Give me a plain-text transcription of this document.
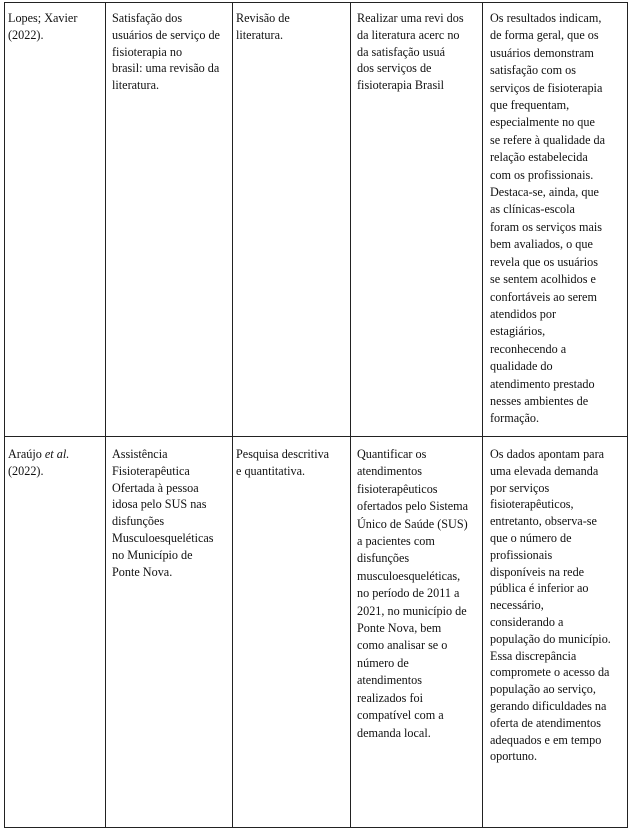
Lopes; Xavier
(2022).
Satisfação dos
usuários de serviço de
fisioterapia no
brasil: uma revisão da
literatura.
Revisão de
literatura.
Realizar uma revi dos
da literatura acerc no
da satisfação usuá
dos serviços de
fisioterapia Brasil
Os resultados indicam,
de forma geral, que os
usuários demonstram
satisfação com os
serviços de fisioterapia
que frequentam,
especialmente no que
se refere à qualidade da
relação estabelecida
com os profissionais.
Destaca-se, ainda, que
as clínicas-escola
foram os serviços mais
bem avaliados, o que
revela que os usuários
se sentem acolhidos e
confortáveis ao serem
atendidos por
estagiários,
reconhecendo a
qualidade do
atendimento prestado
nesses ambientes de
formação.
Araújo et al.
(2022).
Assistência
Fisioterapêutica
Ofertada à pessoa
idosa pelo SUS nas
disfunções
Musculoesqueléticas
no Município de
Ponte Nova.
Pesquisa descritiva
e quantitativa.
Quantificar os
atendimentos
fisioterapêuticos
ofertados pelo Sistema
Único de Saúde (SUS)
a pacientes com
disfunções
musculoesqueléticas,
no período de 2011 a
2021, no município de
Ponte Nova, bem
como analisar se o
número de
atendimentos
realizados foi
compatível com a
demanda local.
Os dados apontam para
uma elevada demanda
por serviços
fisioterapêuticos,
entretanto, observa-se
que o número de
profissionais
disponíveis na rede
pública é inferior ao
necessário,
considerando a
população do município.
Essa discrepância
compromete o acesso da
população ao serviço,
gerando dificuldades na
oferta de atendimentos
adequados e em tempo
oportuno.
